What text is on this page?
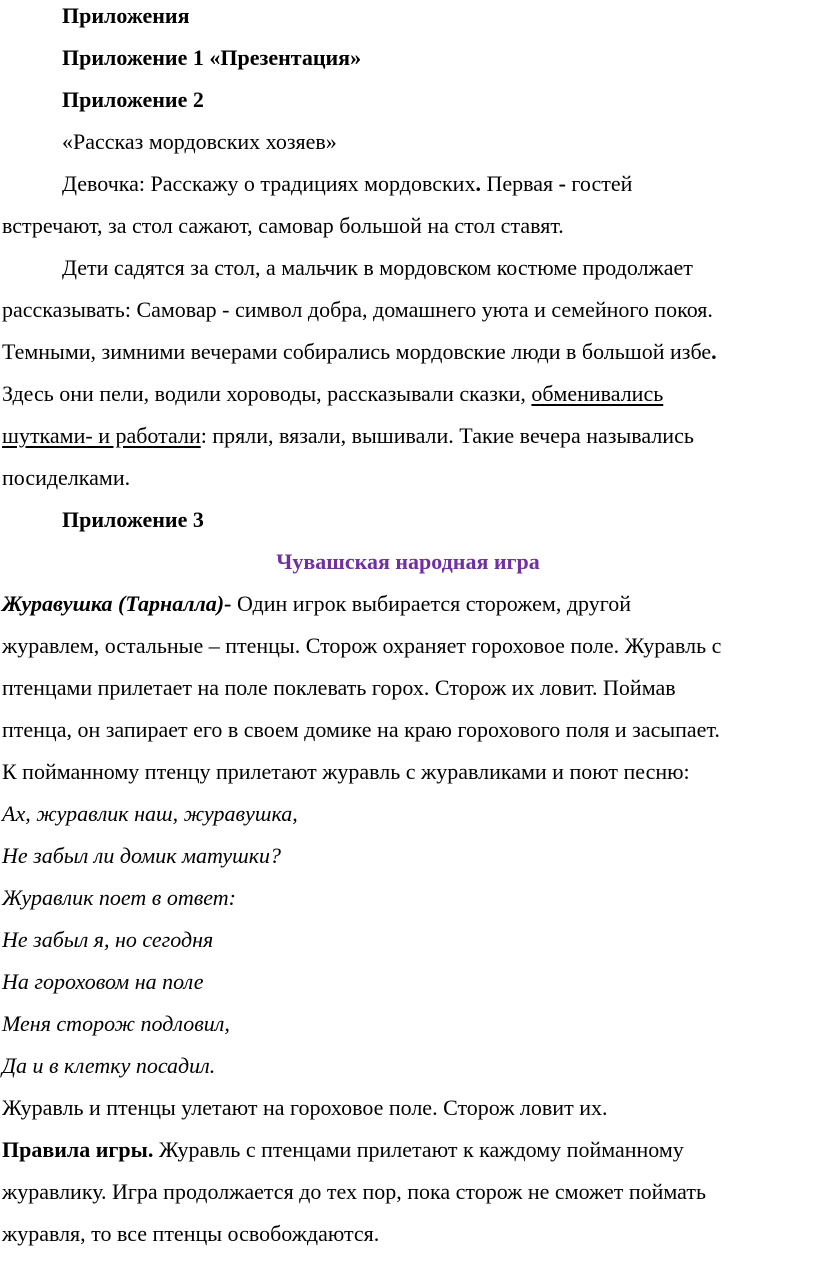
Приложения
Приложение 1 «Презентация»
Приложение 2
«Рассказ мордовских хозяев»
Девочка: Расскажу о традициях мордовских. Первая - гостей
встречают, за стол сажают, самовар большой на стол ставят.
Дети садятся за стол, а мальчик в мордовском костюме продолжает
рассказывать: Самовар - символ добра, домашнего уюта и семейного покоя.
Темными, зимними вечерами собирались мордовские люди в большой избе.
Здесь они пели, водили хороводы, рассказывали сказки, обменивались
шутками- и работали: пряли, вязали, вышивали. Такие вечера назывались
посиделками.
Приложение 3
Чувашская народная игра
Журавушка (Тарналла)- Один игрок выбирается сторожем, другой
журавлем, остальные – птенцы. Сторож охраняет гороховое поле. Журавль с
птенцами прилетает на поле поклевать горох. Сторож их ловит. Поймав
птенца, он запирает его в своем домике на краю горохового поля и засыпает.
К пойманному птенцу прилетают журавль с журавликами и поют песню:
Ах, журавлик наш, журавушка,
Не забыл ли домик матушки?
Журавлик поет в ответ:
Не забыл я, но сегодня
На гороховом на поле
Меня сторож подловил,
Да и в клетку посадил.
Журавль и птенцы улетают на гороховое поле. Сторож ловит их.
Правила игры. Журавль с птенцами прилетают к каждому пойманному
журавлику. Игра продолжается до тех пор, пока сторож не сможет поймать
журавля, то все птенцы освобождаются.
